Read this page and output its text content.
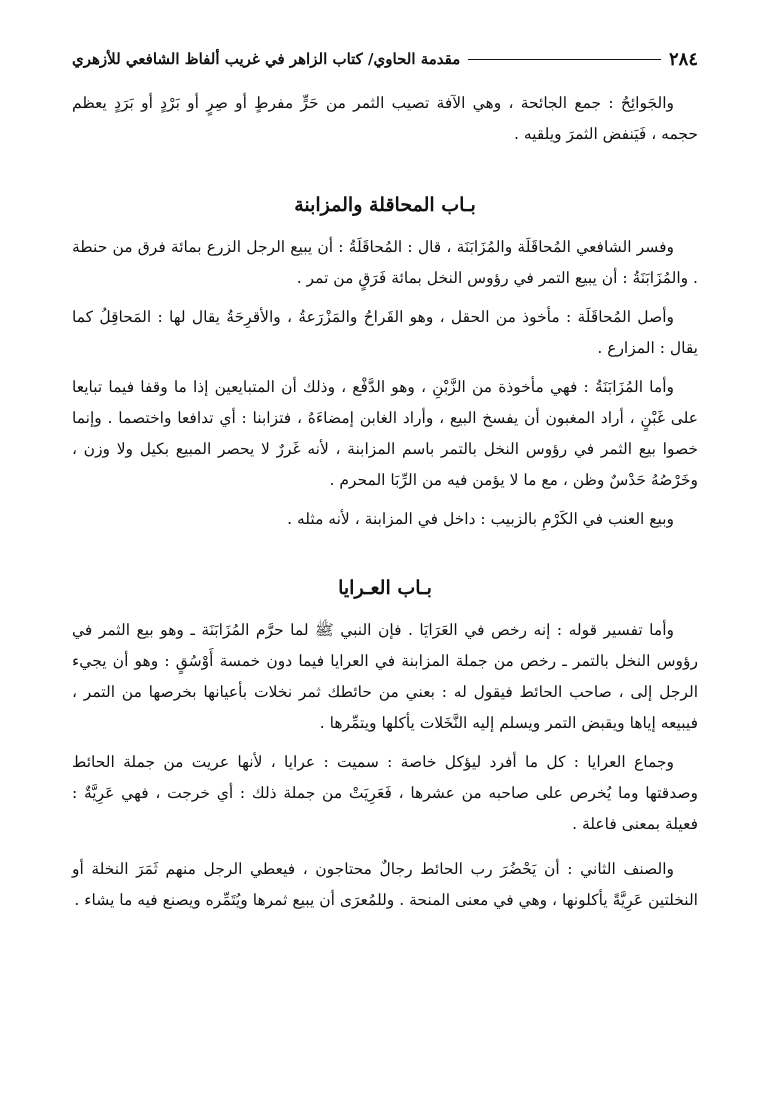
٢٨٤
مقدمة الحاوي/ كتاب الزاهر في غريب ألفاظ الشافعي للأزهري

والجَوائِحُ : جمع الجائحة ، وهي الآفة تصيب الثمر من حَرٍّ مفرطٍ أو صِرٍ أو بَرْدٍ أو بَرَدٍ يعظم حجمه ، فَيَنفض الثمرَ ويلقيه .

بـاب المحاقلة والمزابنة

وفسر الشافعي المُحاقَلَة والمُزَابَنَة ، قال : المُحاقَلَةُ : أن يبيع الرجل الزرع بمائة فرق من حنطة . والمُزَابَنَةُ : أن يبيع التمر في رؤوس النخل بمائة فَرَقٍ من تمر .

وأصل المُحاقَلَة : مأخوذ من الحقل ، وهو القَراحُ والمَزْرَعةُ ، والأقرِحَةُ يقال لها : المَحاقِلُ كما يقال : المزارع .

وأما المُزَابَنَةُ : فهي مأخوذة من الزَّبْنِ ، وهو الدَّفْع ، وذلك أن المتبايعين إذا ما وقفا فيما تبايعا على غَبْنٍ ، أراد المغبون أن يفسخ البيع ، وأراد الغابن إمضاءَهُ ، فتزابنا : أي تدافعا واختصما . وإنما خصوا بيع الثمر في رؤوس النخل بالتمر باسم المزابنة ، لأنه غَررٌ لا يحصر المبيع بكيل ولا وزن ، وخَرْصُهُ حَدْسٌ وظن ، مع ما لا يؤمن فيه من الرِّبَا المحرم .

وبيع العنب في الكَرْمِ بالزبيب : داخل في المزابنة ، لأنه مثله .

بـاب العـرايا

وأما تفسير قوله : إنه رخص في العَرَايَا . فإن النبي ﷺ لما حرَّم المُزَابَنَة ـ وهو بيع الثمر في رؤوس النخل بالتمر ـ رخص من جملة المزابنة في العرايا فيما دون خمسة أَوْسُقٍ : وهو أن يجيء الرجل إلى ، صاحب الحائط فيقول له : بعني من حائطك ثمر نخلات بأعيانها بخرصها من التمر ، فيبيعه إياها ويقبض التمر ويسلم إليه النَّخَلات يأكلها ويتمِّرها .

وجماع العرايا : كل ما أفرد ليؤكل خاصة : سميت : عرايا ، لأنها عريت من جملة الحائط وصدقتها وما يُخرص على صاحبه من عشرها ، فَعَرِيَتْ من جملة ذلك : أي خرجت ، فهي عَرِيَّةٌ : فعيلة بمعنى فاعلة .

والصنف الثاني : أن يَحْضُرَ رب الحائط رجالٌ محتاجون ، فيعطي الرجل منهم ثَمَرَ النخلة أو النخلتين عَرِيَّةً يأكلونها ، وهي في معنى المنحة . وللمُعرَى أن يبيع ثمرها ويُتَمِّره ويصنع فيه ما يشاء .
